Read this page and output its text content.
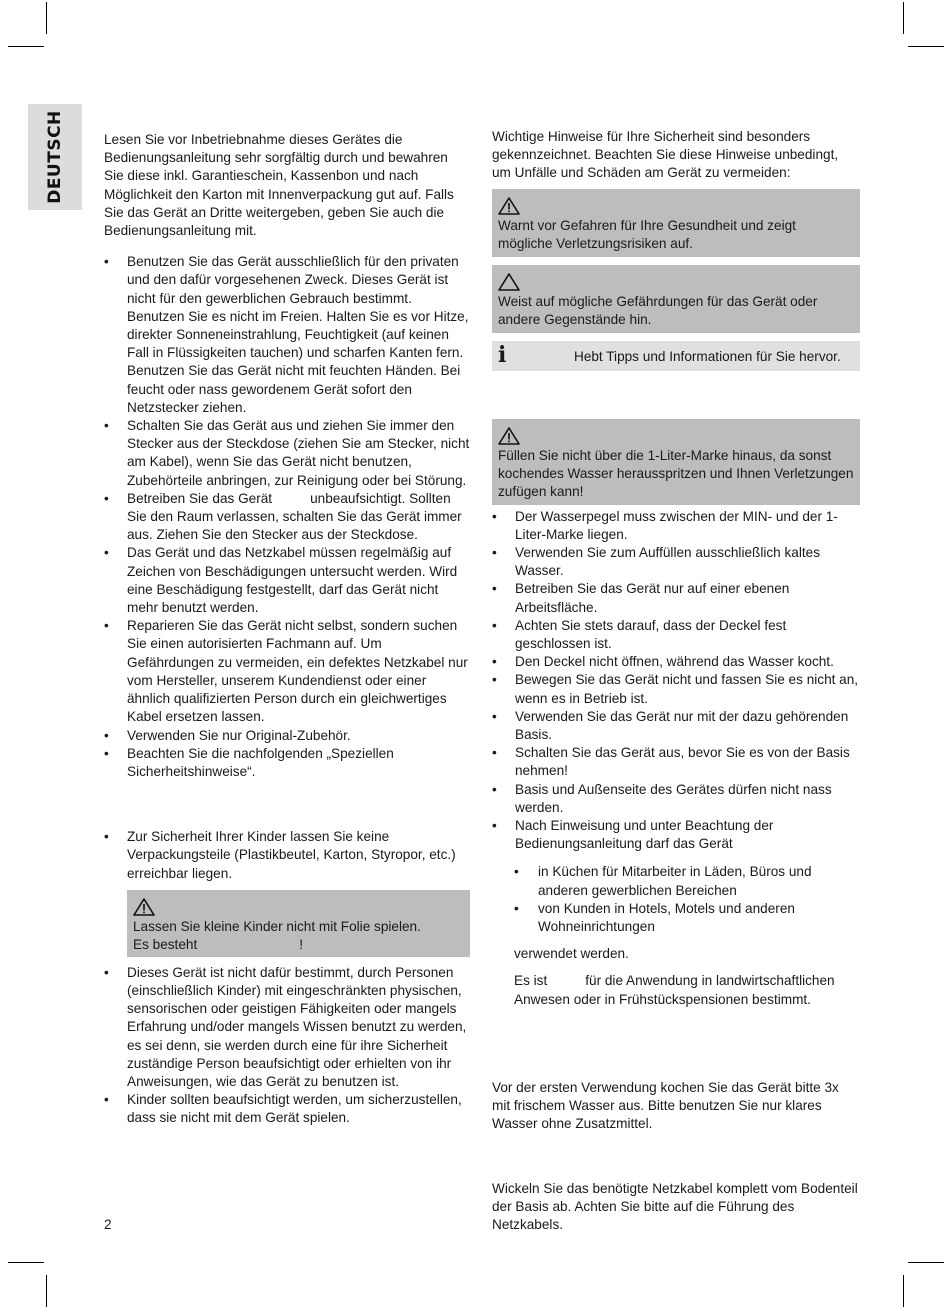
DEUTSCH	Lesen Sie vor Inbetriebnahme dieses Gerätes die Bedienungsanleitung sehr sorgfältig durch und bewahren Sie diese inkl. Garantieschein, Kassenbon und nach Möglichkeit den Karton mit Innenverpackung gut auf. Falls Sie das Gerät an Dritte weitergeben, geben Sie auch die Bedienungsanleitung mit.

• Benutzen Sie das Gerät ausschließlich für den privaten und den dafür vorgesehenen Zweck. Dieses Gerät ist nicht für den gewerblichen Gebrauch bestimmt. Benutzen Sie es nicht im Freien. Halten Sie es vor Hitze, direkter Sonneneinstrahlung, Feuchtigkeit (auf keinen Fall in Flüssigkeiten tauchen) und scharfen Kanten fern. Benutzen Sie das Gerät nicht mit feuchten Händen. Bei feucht oder nass gewordenem Gerät sofort den Netzstecker ziehen.
• Schalten Sie das Gerät aus und ziehen Sie immer den Stecker aus der Steckdose (ziehen Sie am Stecker, nicht am Kabel), wenn Sie das Gerät nicht benutzen, Zubehörteile anbringen, zur Reinigung oder bei Störung.
• Betreiben Sie das Gerät	unbeaufsichtigt. Sollten Sie den Raum verlassen, schalten Sie das Gerät immer aus. Ziehen Sie den Stecker aus der Steckdose.
• Das Gerät und das Netzkabel müssen regelmäßig auf Zeichen von Beschädigungen untersucht werden. Wird eine Beschädigung festgestellt, darf das Gerät nicht mehr benutzt werden.
• Reparieren Sie das Gerät nicht selbst, sondern suchen Sie einen autorisierten Fachmann auf. Um Gefährdungen zu vermeiden, ein defektes Netzkabel nur vom Hersteller, unserem Kundendienst oder einer ähnlich qualifizierten Person durch ein gleichwertiges Kabel ersetzen lassen.
• Verwenden Sie nur Original-Zubehör.
• Beachten Sie die nachfolgenden „Speziellen Sicherheitshinweise“.
• Zur Sicherheit Ihrer Kinder lassen Sie keine Verpackungsteile (Plastikbeutel, Karton, Styropor, etc.) erreichbar liegen.
Lassen Sie kleine Kinder nicht mit Folie spielen.
Es besteht	!
• Dieses Gerät ist nicht dafür bestimmt, durch Personen (einschließlich Kinder) mit eingeschränkten physischen, sensorischen oder geistigen Fähigkeiten oder mangels Erfahrung und/oder mangels Wissen benutzt zu werden, es sei denn, sie werden durch eine für ihre Sicherheit zuständige Person beaufsichtigt oder erhielten von ihr Anweisungen, wie das Gerät zu benutzen ist.
• Kinder sollten beaufsichtigt werden, um sicherzustellen, dass sie nicht mit dem Gerät spielen.

Wichtige Hinweise für Ihre Sicherheit sind besonders gekennzeichnet. Beachten Sie diese Hinweise unbedingt, um Unfälle und Schäden am Gerät zu vermeiden:

Warnt vor Gefahren für Ihre Gesundheit und zeigt mögliche Verletzungsrisiken auf.
Weist auf mögliche Gefährdungen für das Gerät oder andere Gegenstände hin.
i	Hebt Tipps und Informationen für Sie hervor.
Füllen Sie nicht über die 1-Liter-Marke hinaus, da sonst kochendes Wasser herausspritzen und Ihnen Verletzungen zufügen kann!
• Der Wasserpegel muss zwischen der MIN- und der 1-Liter-Marke liegen.
• Verwenden Sie zum Auffüllen ausschließlich kaltes Wasser.
• Betreiben Sie das Gerät nur auf einer ebenen Arbeitsfläche.
• Achten Sie stets darauf, dass der Deckel fest geschlossen ist.
• Den Deckel nicht öffnen, während das Wasser kocht.
• Bewegen Sie das Gerät nicht und fassen Sie es nicht an, wenn es in Betrieb ist.
• Verwenden Sie das Gerät nur mit der dazu gehörenden Basis.
• Schalten Sie das Gerät aus, bevor Sie es von der Basis nehmen!
• Basis und Außenseite des Gerätes dürfen nicht nass werden.
• Nach Einweisung und unter Beachtung der Bedienungsanleitung darf das Gerät
• in Küchen für Mitarbeiter in Läden, Büros und anderen gewerblichen Bereichen
• von Kunden in Hotels, Motels und anderen Wohneinrichtungen

verwendet werden.

Es ist	für die Anwendung in landwirtschaftlichen Anwesen oder in Frühstückspensionen bestimmt.

Vor der ersten Verwendung kochen Sie das Gerät bitte 3x mit frischem Wasser aus. Bitte benutzen Sie nur klares Wasser ohne Zusatzmittel.

Wickeln Sie das benötigte Netzkabel komplett vom Bodenteil der Basis ab. Achten Sie bitte auf die Führung des Netzkabels.

2
